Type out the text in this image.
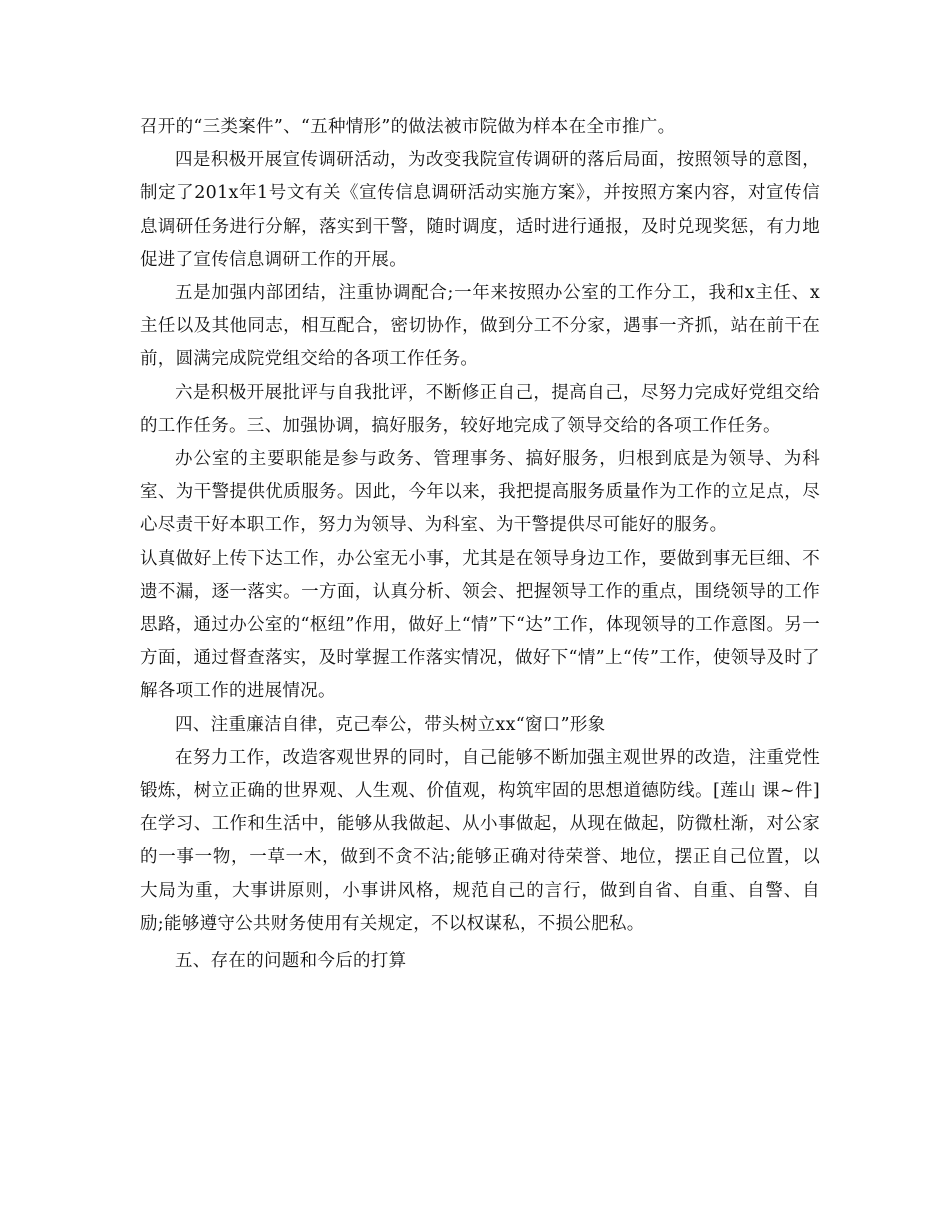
召开的“三类案件”、“五种情形”的做法被市院做为样本在全市推广。

四是积极开展宣传调研活动，为改变我院宣传调研的落后局面，按照领导的意图，制定了201x年1号文有关《宣传信息调研活动实施方案》，并按照方案内容，对宣传信息调研任务进行分解，落实到干警，随时调度，适时进行通报，及时兑现奖惩，有力地促进了宣传信息调研工作的开展。

五是加强内部团结，注重协调配合;一年来按照办公室的工作分工，我和x主任、x主任以及其他同志，相互配合，密切协作，做到分工不分家，遇事一齐抓，站在前干在前，圆满完成院党组交给的各项工作任务。

六是积极开展批评与自我批评，不断修正自己，提高自己，尽努力完成好党组交给的工作任务。三、加强协调，搞好服务，较好地完成了领导交给的各项工作任务。

办公室的主要职能是参与政务、管理事务、搞好服务，归根到底是为领导、为科室、为干警提供优质服务。因此，今年以来，我把提高服务质量作为工作的立足点，尽心尽责干好本职工作，努力为领导、为科室、为干警提供尽可能好的服务。

认真做好上传下达工作，办公室无小事，尤其是在领导身边工作，要做到事无巨细、不遗不漏，逐一落实。一方面，认真分析、领会、把握领导工作的重点，围绕领导的工作思路，通过办公室的“枢纽”作用，做好上“情”下“达”工作，体现领导的工作意图。另一方面，通过督查落实，及时掌握工作落实情况，做好下“情”上“传”工作，使领导及时了解各项工作的进展情况。

四、注重廉洁自律，克己奉公，带头树立xx“窗口”形象

在努力工作，改造客观世界的同时，自己能够不断加强主观世界的改造，注重党性锻炼，树立正确的世界观、人生观、价值观，构筑牢固的思想道德防线。[莲山 课~件]在学习、工作和生活中，能够从我做起、从小事做起，从现在做起，防微杜渐，对公家的一事一物，一草一木，做到不贪不沾;能够正确对待荣誉、地位，摆正自己位置，以大局为重，大事讲原则，小事讲风格，规范自己的言行，做到自省、自重、自警、自励;能够遵守公共财务使用有关规定，不以权谋私，不损公肥私。

五、存在的问题和今后的打算
